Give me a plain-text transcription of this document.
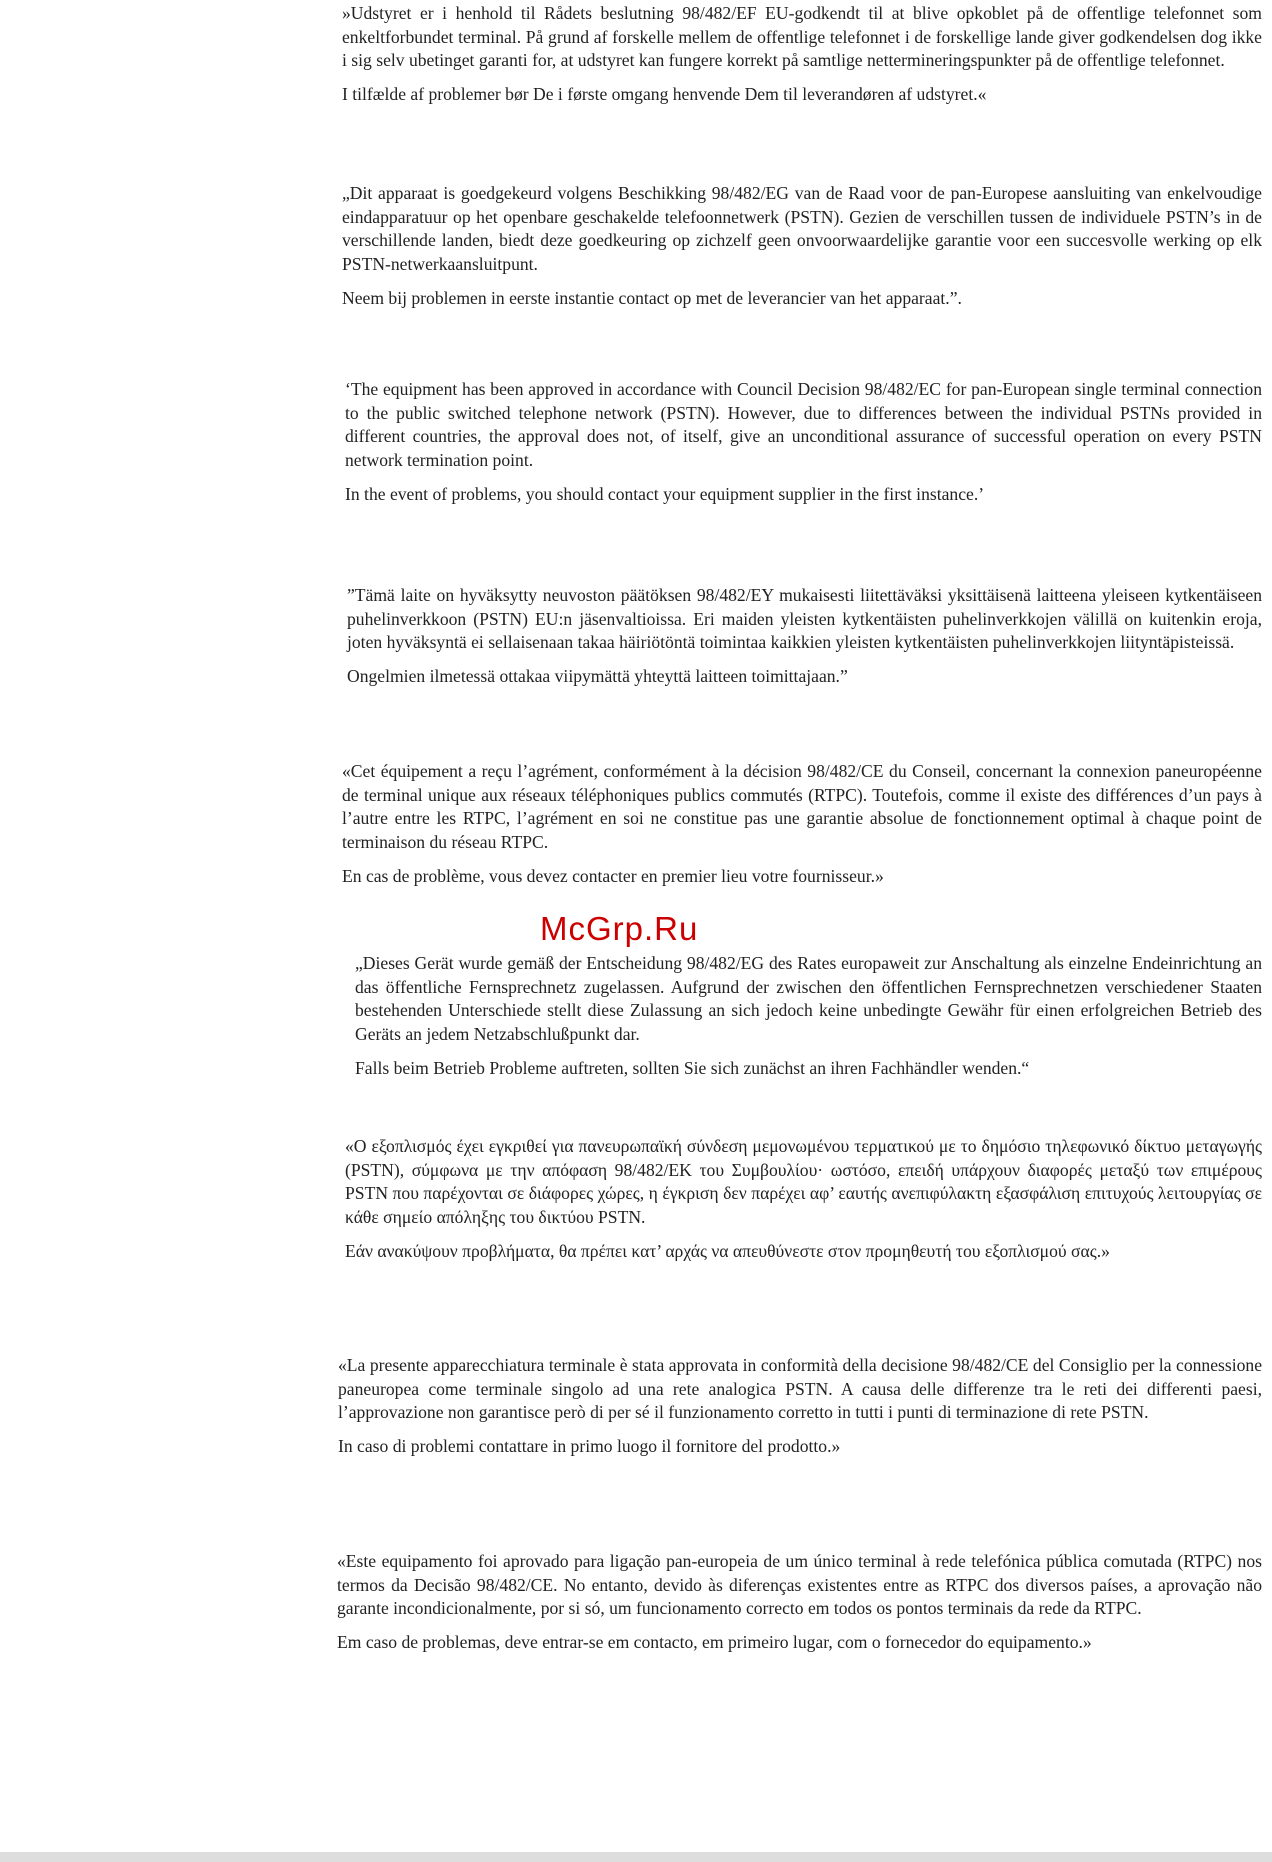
»Udstyret er i henhold til Rådets beslutning 98/482/EF EU-godkendt til at blive opkoblet på de offentlige telefonnet som enkeltforbundet terminal. På grund af forskelle mellem de offentlige telefonnet i de forskellige lande giver godkendelsen dog ikke i sig selv ubetinget garanti for, at udstyret kan fungere korrekt på samtlige nettermineringspunkter på de offentlige telefonnet.

I tilfælde af problemer bør De i første omgang henvende Dem til leverandøren af udstyret.«

„Dit apparaat is goedgekeurd volgens Beschikking 98/482/EG van de Raad voor de pan-Europese aansluiting van enkelvoudige eindapparatuur op het openbare geschakelde telefoonnetwerk (PSTN). Gezien de verschillen tussen de individuele PSTN’s in de verschillende landen, biedt deze goedkeuring op zichzelf geen onvoorwaardelijke garantie voor een succesvolle werking op elk PSTN-netwerkaansluitpunt.

Neem bij problemen in eerste instantie contact op met de leverancier van het apparaat.”.

‘The equipment has been approved in accordance with Council Decision 98/482/EC for pan-European single terminal connection to the public switched telephone network (PSTN). However, due to differences between the individual PSTNs provided in different countries, the approval does not, of itself, give an unconditional assurance of successful operation on every PSTN network termination point.

In the event of problems, you should contact your equipment supplier in the first instance.’

”Tämä laite on hyväksytty neuvoston päätöksen 98/482/EY mukaisesti liitettäväksi yksittäisenä laitteena yleiseen kytkentäiseen puhelinverkkoon (PSTN) EU:n jäsenvaltioissa. Eri maiden yleisten kytkentäisten puhelinverkkojen välillä on kuitenkin eroja, joten hyväksyntä ei sellaisenaan takaa häiriötöntä toimintaa kaikkien yleisten kytkentäisten puhelinverkkojen liityntäpisteissä.

Ongelmien ilmetessä ottakaa viipymättä yhteyttä laitteen toimittajaan.”

«Cet équipement a reçu l’agrément, conformément à la décision 98/482/CE du Conseil, concernant la connexion paneuropéenne de terminal unique aux réseaux téléphoniques publics commutés (RTPC). Toutefois, comme il existe des différences d’un pays à l’autre entre les RTPC, l’agrément en soi ne constitue pas une garantie absolue de fonctionnement optimal à chaque point de terminaison du réseau RTPC.

En cas de problème, vous devez contacter en premier lieu votre fournisseur.»

„Dieses Gerät wurde gemäß der Entscheidung 98/482/EG des Rates europaweit zur Anschaltung als einzelne Endeinrichtung an das öffentliche Fernsprechnetz zugelassen. Aufgrund der zwischen den öffentlichen Fernsprechnetzen verschiedener Staaten bestehenden Unterschiede stellt diese Zulassung an sich jedoch keine unbedingte Gewähr für einen erfolgreichen Betrieb des Geräts an jedem Netzabschlußpunkt dar.

Falls beim Betrieb Probleme auftreten, sollten Sie sich zunächst an ihren Fachhändler wenden.“

«Ο εξοπλισμός έχει εγκριθεί για πανευρωπαϊκή σύνδεση μεμονωμένου τερματικού με το δημόσιο τηλεφωνικό δίκτυο μεταγωγής (PSTN), σύμφωνα με την απόφαση 98/482/ΕΚ του Συμβουλίου· ωστόσο, επειδή υπάρχουν διαφορές μεταξύ των επιμέρους PSTN που παρέχονται σε διάφορες χώρες, η έγκριση δεν παρέχει αφ’ εαυτής ανεπιφύλακτη εξασφάλιση επιτυχούς λειτουργίας σε κάθε σημείο απόληξης του δικτύου PSTN.

Εάν ανακύψουν προβλήματα, θα πρέπει κατ’ αρχάς να απευθύνεστε στον προμηθευτή του εξοπλισμού σας.»

«La presente apparecchiatura terminale è stata approvata in conformità della decisione 98/482/CE del Consiglio per la connessione paneuropea come terminale singolo ad una rete analogica PSTN. A causa delle differenze tra le reti dei differenti paesi, l’approvazione non garantisce però di per sé il funzionamento corretto in tutti i punti di terminazione di rete PSTN.

In caso di problemi contattare in primo luogo il fornitore del prodotto.»

«Este equipamento foi aprovado para ligação pan-europeia de um único terminal à rede telefónica pública comutada (RTPC) nos termos da Decisão 98/482/CE. No entanto, devido às diferenças existentes entre as RTPC dos diversos países, a aprovação não garante incondicionalmente, por si só, um funcionamento correcto em todos os pontos terminais da rede da RTPC.

Em caso de problemas, deve entrar-se em contacto, em primeiro lugar, com o fornecedor do equipamento.»

McGrp.Ru
